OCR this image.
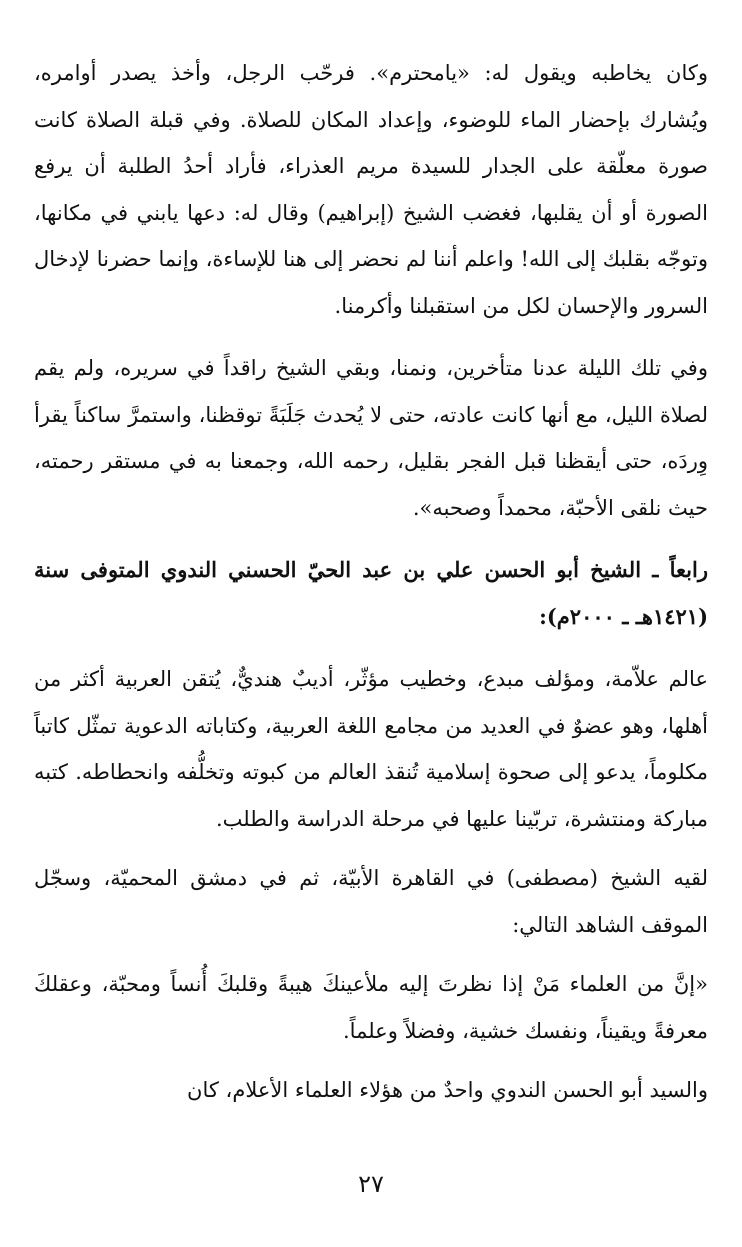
وكان يخاطبه ويقول له: «يامحترم». فرحّب الرجل، وأخذ يصدر أوامره، ويُشارك بإحضار الماء للوضوء، وإعداد المكان للصلاة. وفي قبلة الصلاة كانت صورة معلّقة على الجدار للسيدة مريم العذراء، فأراد أحدُ الطلبة أن يرفع الصورة أو أن يقلبها، فغضب الشيخ (إبراهيم) وقال له: دعها يابني في مكانها، وتوجّه بقلبك إلى الله! واعلم أننا لم نحضر إلى هنا للإساءة، وإنما حضرنا لإدخال السرور والإحسان لكل من استقبلنا وأكرمنا.

وفي تلك الليلة عدنا متأخرين، ونمنا، وبقي الشيخ راقداً في سريره، ولم يقم لصلاة الليل، مع أنها كانت عادته، حتى لا يُحدث جَلَبَةً توقظنا، واستمرَّ ساكناً يقرأ وِردَه، حتى أيقظنا قبل الفجر بقليل، رحمه الله، وجمعنا به في مستقر رحمته، حيث نلقى الأحبّة، محمداً وصحبه».

رابعاً ـ الشيخ أبو الحسن علي بن عبد الحيّ الحسني الندوي المتوفى سنة (١٤٢١هـ ـ ٢٠٠٠م):

عالم علاّمة، ومؤلف مبدع، وخطيب مؤثّر، أديبٌ هنديٌّ، يُتقن العربية أكثر من أهلها، وهو عضوٌ في العديد من مجامع اللغة العربية، وكتاباته الدعوية تمثّل كاتباً مكلوماً، يدعو إلى صحوة إسلامية تُنقذ العالم من كبوته وتخلُّفه وانحطاطه. كتبه مباركة ومنتشرة، تربّينا عليها في مرحلة الدراسة والطلب.

لقيه الشيخ (مصطفى) في القاهرة الأبيّة، ثم في دمشق المحميّة، وسجّل الموقف الشاهد التالي:

«إنَّ من العلماء مَنْ إذا نظرتَ إليه ملأعينكَ هيبةً وقلبكَ أُنساً ومحبّة، وعقلكَ معرفةً ويقيناً، ونفسك خشية، وفضلاً وعلماً.

والسيد أبو الحسن الندوي واحدٌ من هؤلاء العلماء الأعلام، كان

٢٧
